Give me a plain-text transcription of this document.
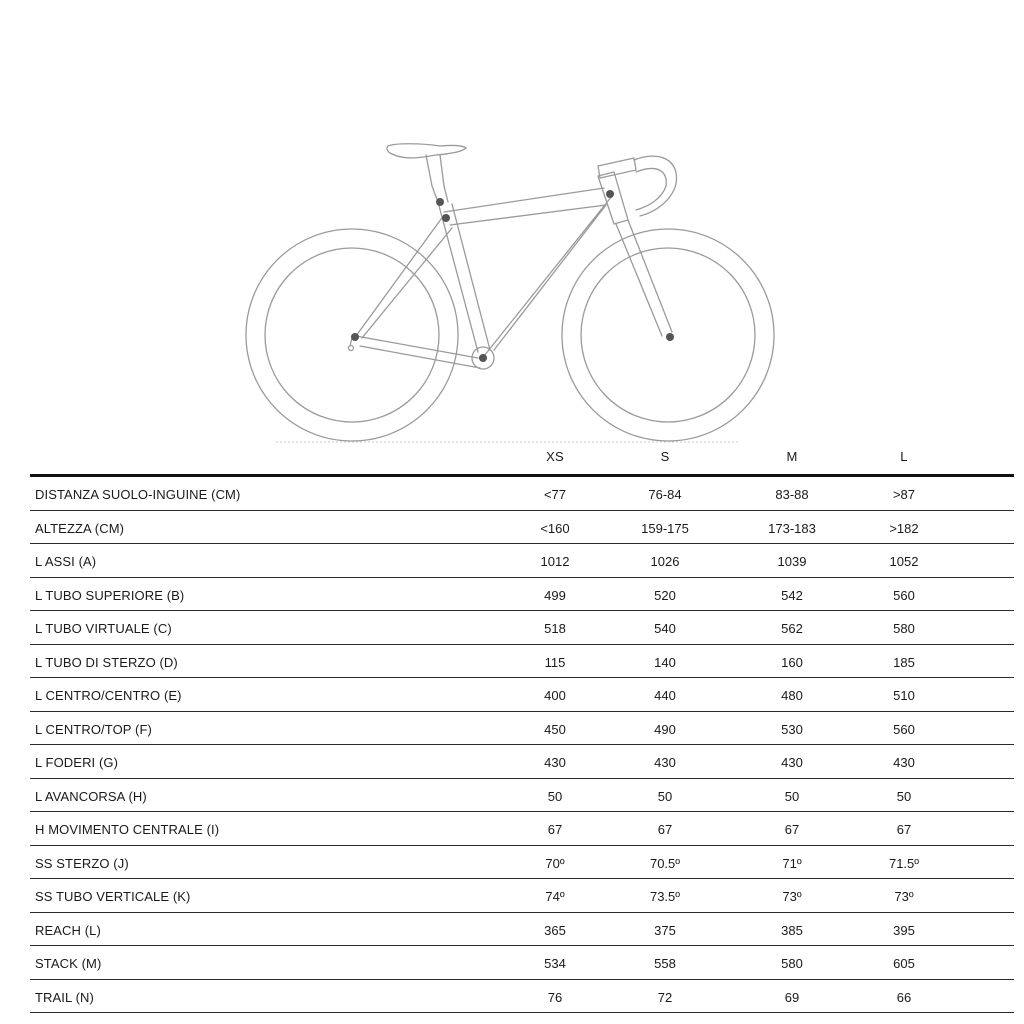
XS	S	M	L
DISTANZA SUOLO-INGUINE (CM)	<77	76-84	83-88	>87
ALTEZZA (CM)	<160	159-175	173-183	>182
L ASSI (A)	1012	1026	1039	1052
L TUBO SUPERIORE (B)	499	520	542	560
L TUBO VIRTUALE (C)	518	540	562	580
L TUBO DI STERZO (D)	115	140	160	185
L CENTRO/CENTRO (E)	400	440	480	510
L CENTRO/TOP (F)	450	490	530	560
L FODERI (G)	430	430	430	430
L AVANCORSA (H)	50	50	50	50
H MOVIMENTO CENTRALE (I)	67	67	67	67
SS STERZO (J)	70º	70.5º	71º	71.5º
SS TUBO VERTICALE (K)	74º	73.5º	73º	73º
REACH (L)	365	375	385	395
STACK (M)	534	558	580	605
TRAIL (N)	76	72	69	66
